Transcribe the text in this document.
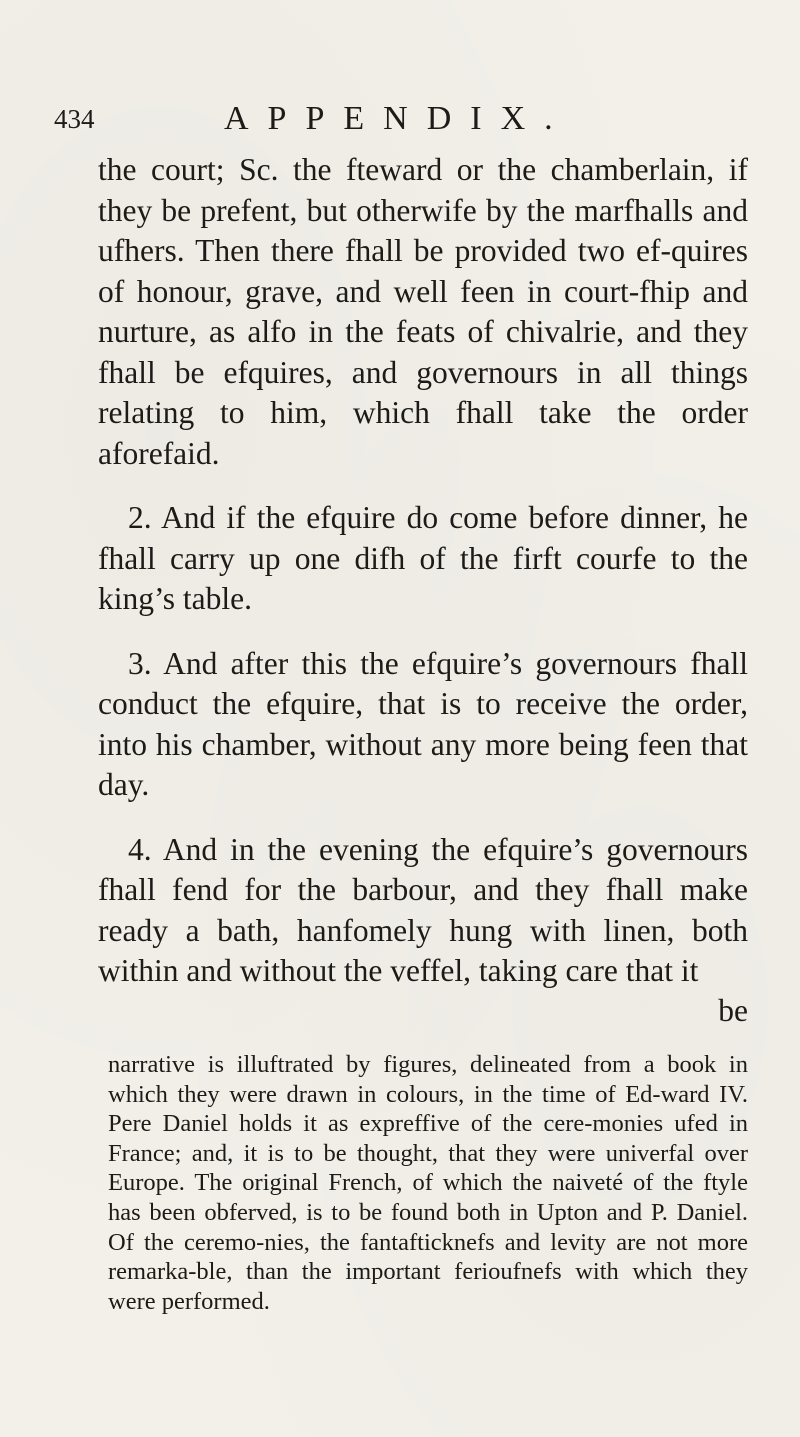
434	APPENDIX.

the court; Sc. the fteward or the chamberlain, if they be prefent, but otherwife by the marfhalls and ufhers. Then there fhall be provided two ef-quires of honour, grave, and well feen in court-fhip and nurture, as alfo in the feats of chivalrie, and they fhall be efquires, and governours in all things relating to him, which fhall take the order aforefaid.

2. And if the efquire do come before dinner, he fhall carry up one difh of the firft courfe to the king’s table.

3. And after this the efquire’s governours fhall conduct the efquire, that is to receive the order, into his chamber, without any more being feen that day.

4. And in the evening the efquire’s governours fhall fend for the barbour, and they fhall make ready a bath, hanfomely hung with linen, both within and without the veffel, taking care that it

be

narrative is illuftrated by figures, delineated from a book in which they were drawn in colours, in the time of Ed-ward IV. Pere Daniel holds it as expreffive of the cere-monies ufed in France; and, it is to be thought, that they were univerfal over Europe. The original French, of which the naiveté of the ftyle has been obferved, is to be found both in Upton and P. Daniel. Of the ceremo-nies, the fantafticknefs and levity are not more remarka-ble, than the important ferioufnefs with which they were performed.
